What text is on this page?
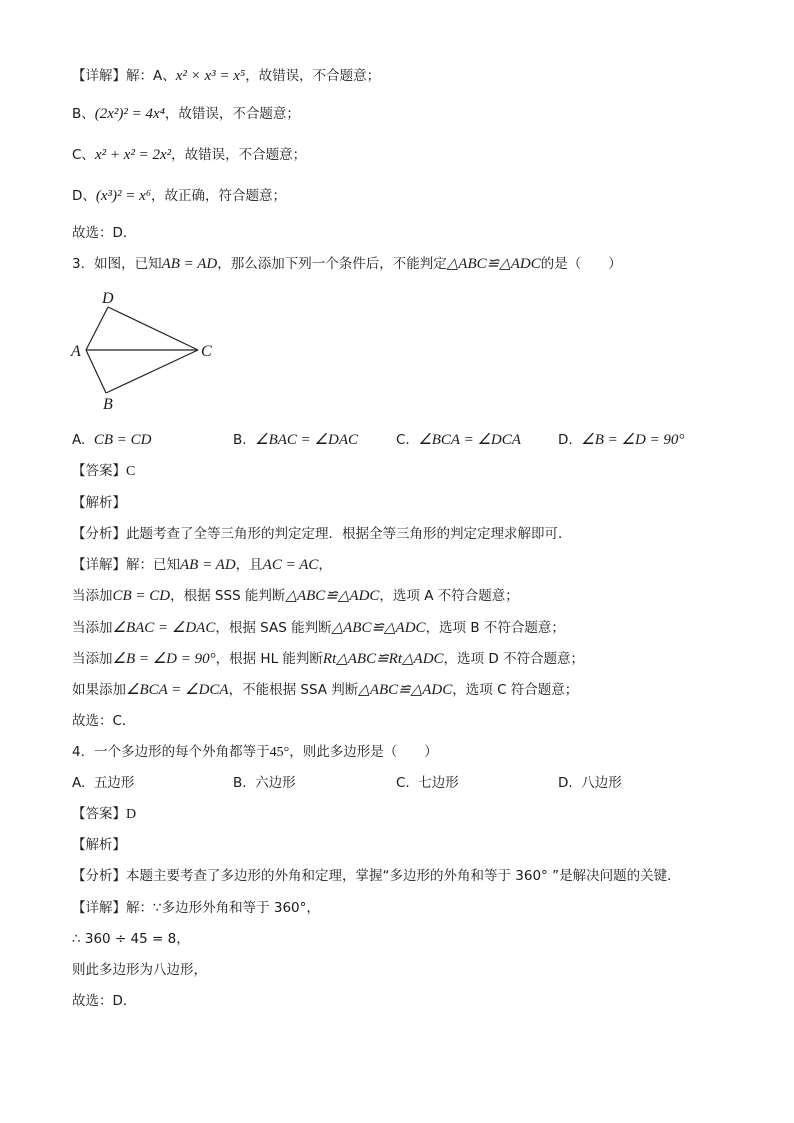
【详解】解：A、x² × x³ = x⁵，故错误，不合题意；
B、(2x²)² = 4x⁴，故错误，不合题意；
C、x² + x² = 2x²，故错误，不合题意；
D、(x³)² = x⁶，故正确，符合题意；
故选：D．
3．如图，已知AB = AD，那么添加下列一个条件后，不能判定△ABC≌△ADC的是（　　）
D
A	C
B
A. CB = CD	B. ∠BAC = ∠DAC	C. ∠BCA = ∠DCA	D. ∠B = ∠D = 90°
【答案】C
【解析】
【分析】此题考查了全等三角形的判定定理．根据全等三角形的判定定理求解即可．
【详解】解：已知AB = AD，且AC = AC，
当添加CB = CD，根据 SSS 能判断△ABC≌△ADC，选项 A 不符合题意；
当添加∠BAC = ∠DAC，根据 SAS 能判断△ABC≌△ADC，选项 B 不符合题意；
当添加∠B = ∠D = 90°，根据 HL 能判断Rt△ABC≌Rt△ADC，选项 D 不符合题意；
如果添加∠BCA = ∠DCA，不能根据 SSA 判断△ABC≌△ADC，选项 C 符合题意；
故选：C．
4．一个多边形的每个外角都等于45°，则此多边形是（　　）
A. 五边形	B. 六边形	C. 七边形	D. 八边形
【答案】D
【解析】
【分析】本题主要考查了多边形的外角和定理，掌握“多边形的外角和等于 360° ”是解决问题的关键．
【详解】解：∵多边形外角和等于 360°，
∴ 360 ÷ 45 = 8，
则此多边形为八边形，
故选：D．
